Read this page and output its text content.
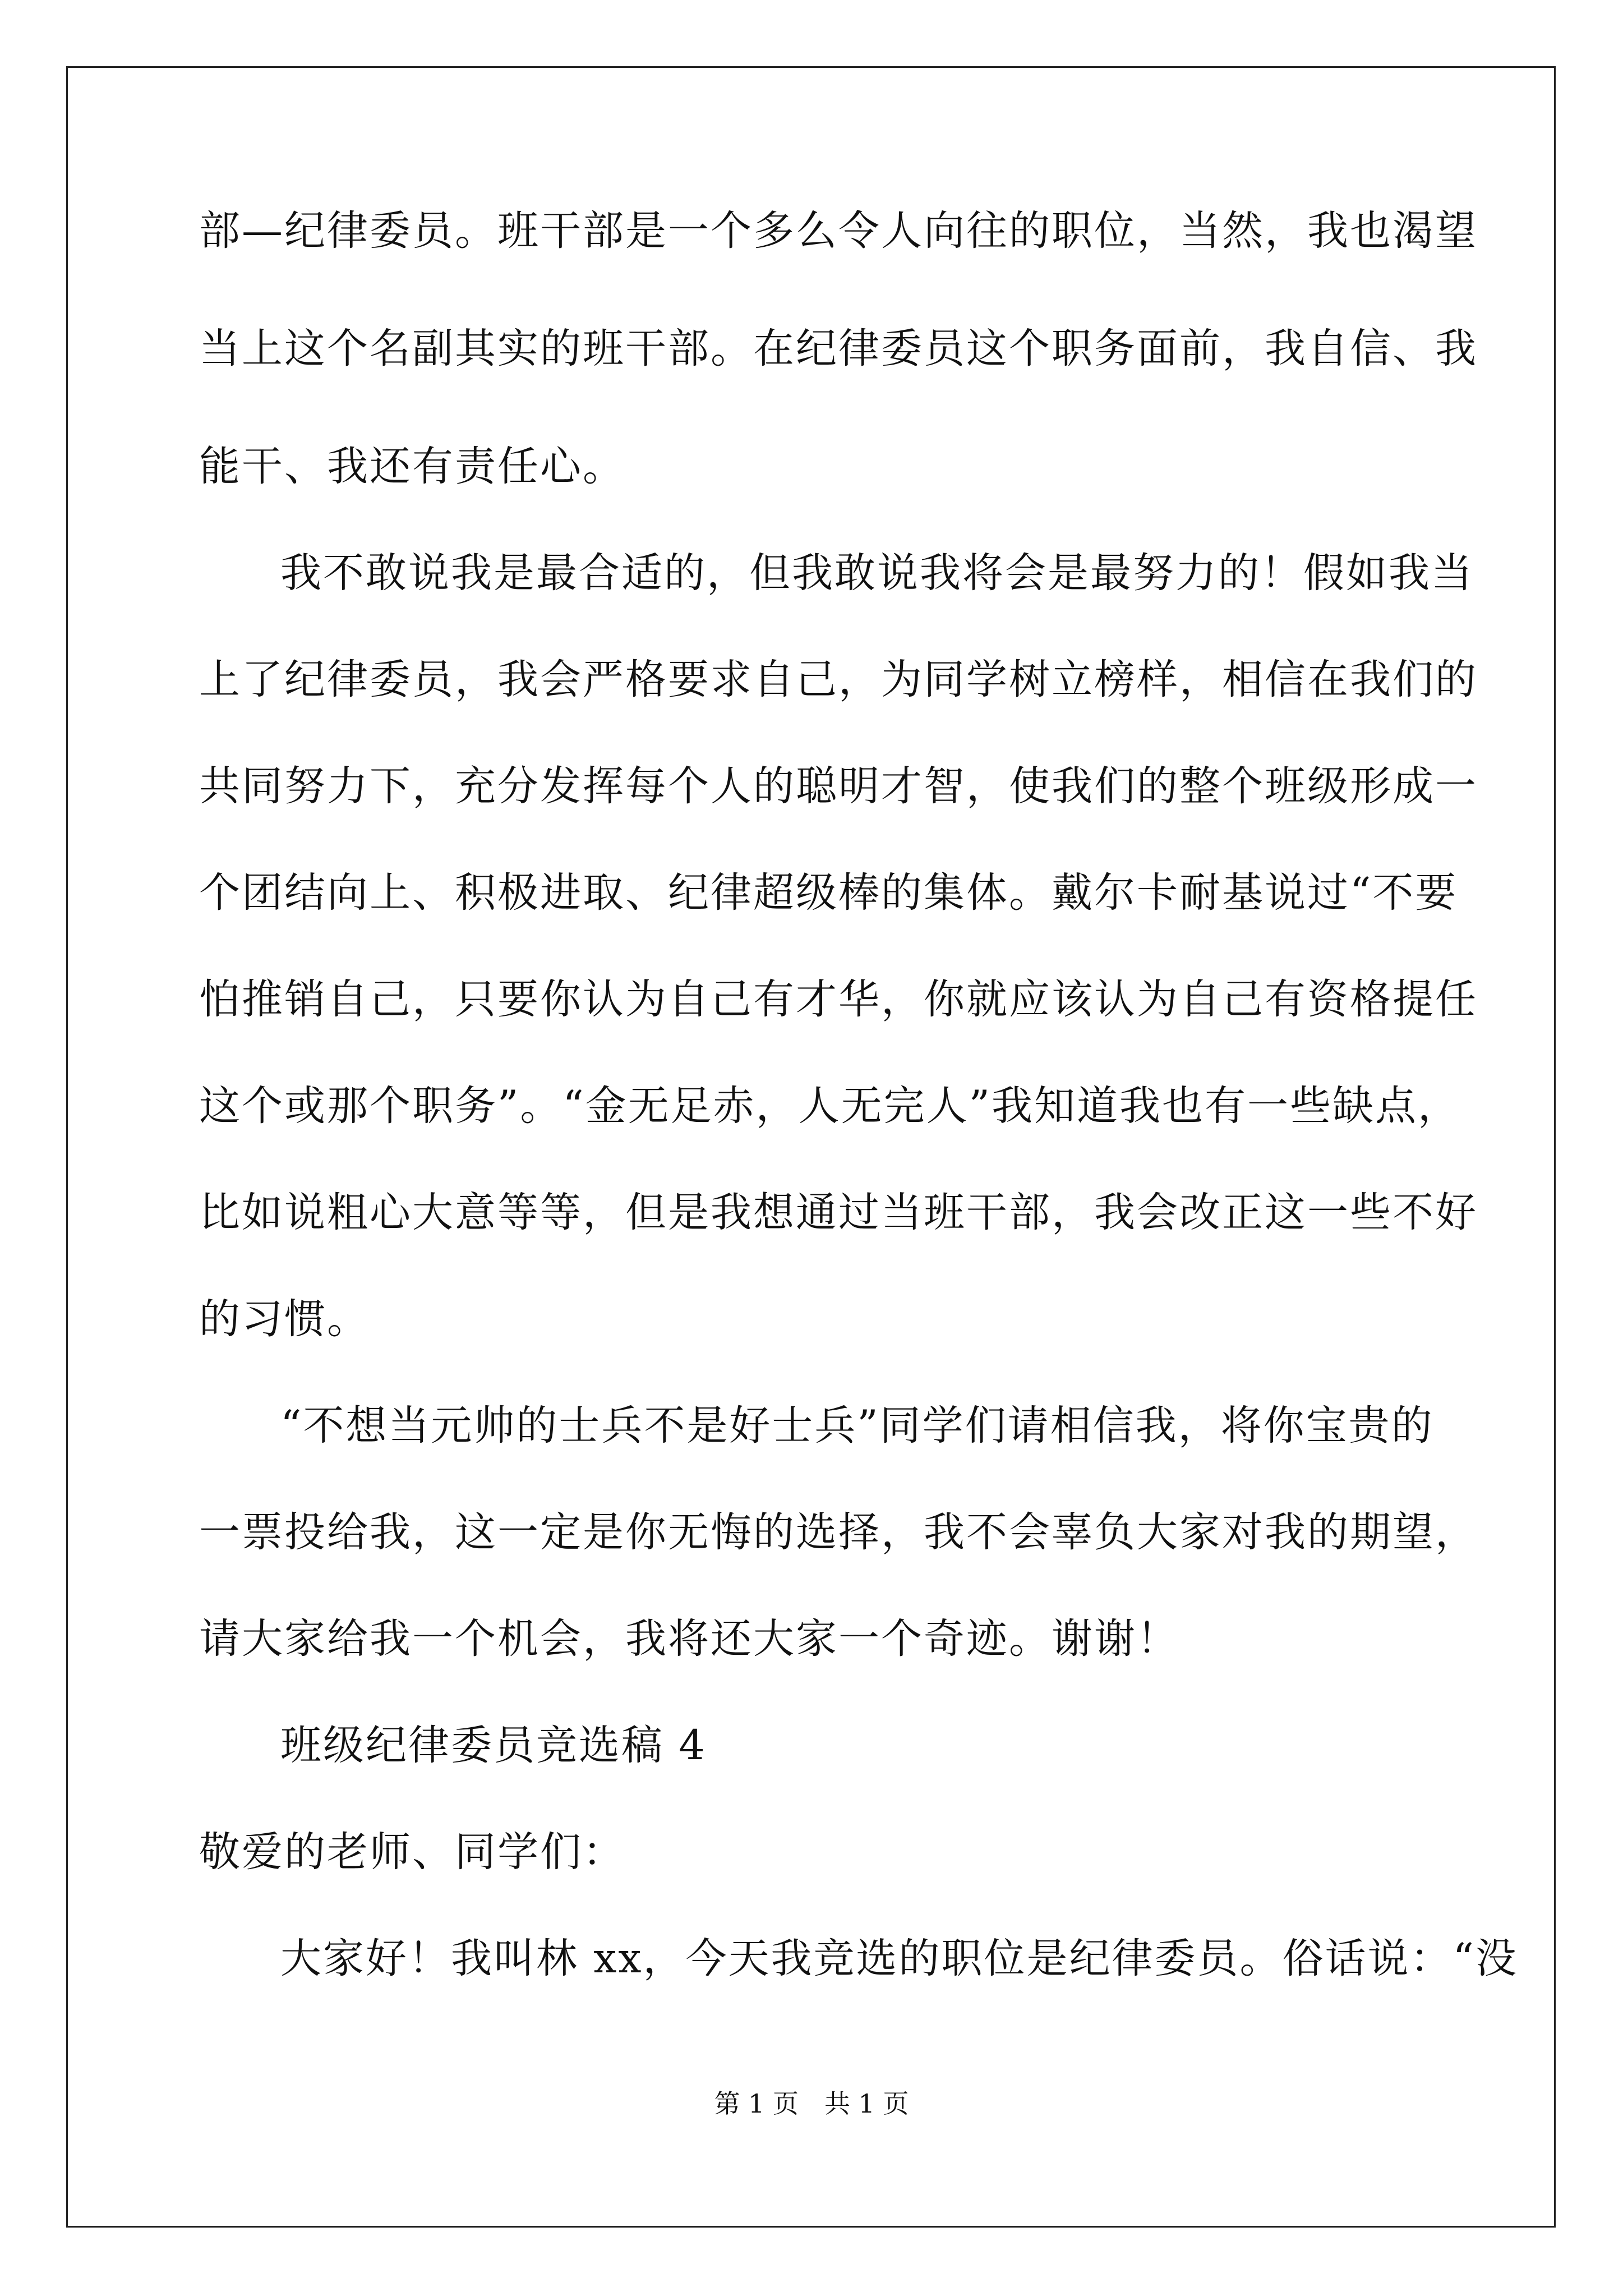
部—纪律委员。班干部是一个多么令人向往的职位，当然，我也渴望

当上这个名副其实的班干部。在纪律委员这个职务面前，我自信、我

能干、我还有责任心。

我不敢说我是最合适的，但我敢说我将会是最努力的！假如我当

上了纪律委员，我会严格要求自己，为同学树立榜样，相信在我们的

共同努力下，充分发挥每个人的聪明才智，使我们的整个班级形成一

个团结向上、积极进取、纪律超级棒的集体。戴尔卡耐基说过“不要

怕推销自己，只要你认为自己有才华，你就应该认为自己有资格提任

这个或那个职务”。“金无足赤，人无完人”我知道我也有一些缺点，

比如说粗心大意等等，但是我想通过当班干部，我会改正这一些不好

的习惯。

“不想当元帅的士兵不是好士兵”同学们请相信我，将你宝贵的

一票投给我，这一定是你无悔的选择，我不会辜负大家对我的期望，

请大家给我一个机会，我将还大家一个奇迹。谢谢！

班级纪律委员竞选稿 4

敬爱的老师、同学们：

大家好！我叫林 xx，今天我竞选的职位是纪律委员。俗话说：“没

第 1 页　共 1 页
